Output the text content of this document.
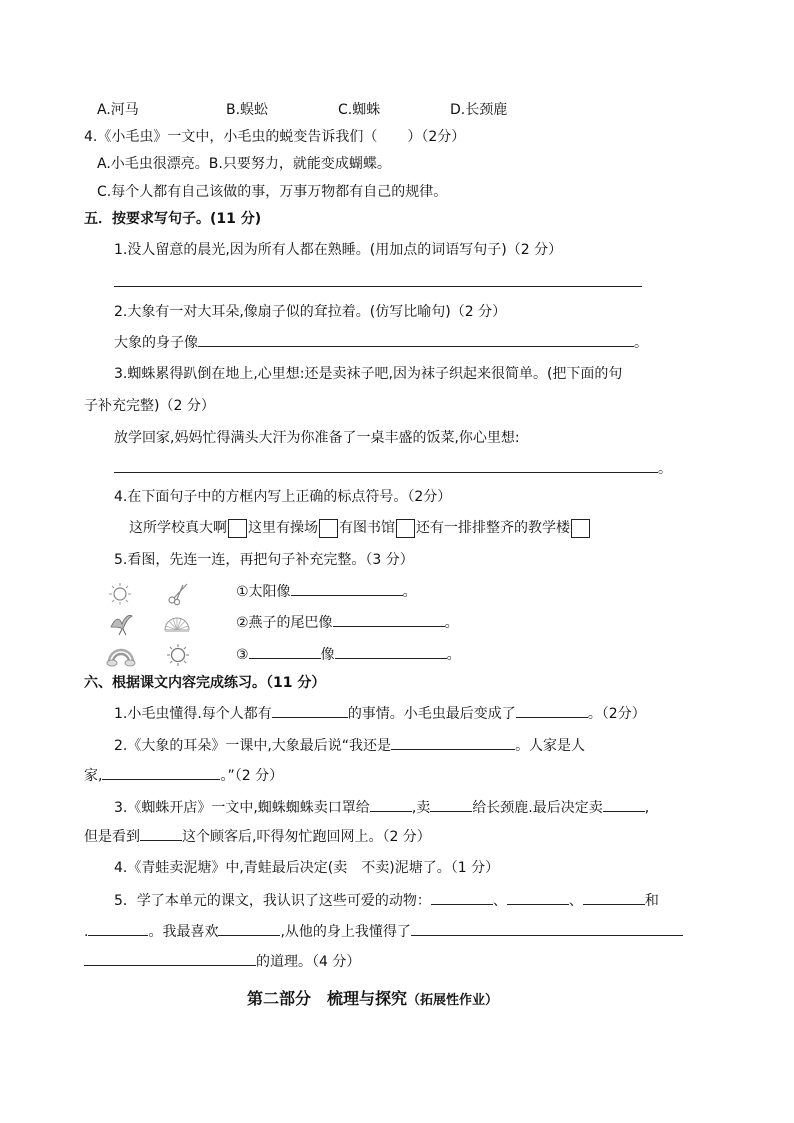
A.河马	B.蜈蚣	C.蜘蛛	D.长颈鹿
4.《小毛虫》一文中，小毛虫的蜕变告诉我们（ ）（2分）
A.小毛虫很漂亮。B.只要努力，就能变成蝴蝶。
C.每个人都有自己该做的事，万事万物都有自己的规律。
五．按要求写句子。(11 分)
1.没人留意的晨光,因为所有人都在熟睡。(用加点的词语写句子)（2 分）
2.大象有一对大耳朵,像扇子似的耷拉着。(仿写比喻句)（2 分）
大象的身子像	。
3.蜘蛛累得趴倒在地上,心里想:还是卖袜子吧,因为袜子织起来很简单。(把下面的句
子补充完整)（2 分）
放学回家,妈妈忙得满头大汗为你准备了一桌丰盛的饭菜,你心里想:
。
4.在下面句子中的方框内写上正确的标点符号。（2分）
这所学校真大啊 这里有操场 有图书馆 还有一排排整齐的教学楼
5.看图，先连一连，再把句子补充完整。（3 分）
①太阳像	。
②燕子的尾巴像	。
③	像	。
六、根据课文内容完成练习。（11 分）
1.小毛虫懂得.每个人都有	的事情。小毛虫最后变成了	。（2分）
2.《大象的耳朵》一课中,大象最后说“我还是	。人家是人
家,	。”（2 分）
3.《蜘蛛开店》一文中,蜘蛛蜘蛛卖口罩给	,卖	给长颈鹿.最后决定卖	,
但是看到	这个顾客后,吓得匆忙跑回网上。（2 分）
4.《青蛙卖泥塘》中,青蛙最后决定(卖　不卖)泥塘了。（1 分）
5．学了本单元的课文，我认识了这些可爱的动物：	、	、	和
.	。我最喜欢	,从他的身上我懂得了
的道理。（4 分）
第二部分　梳理与探究（拓展性作业）
